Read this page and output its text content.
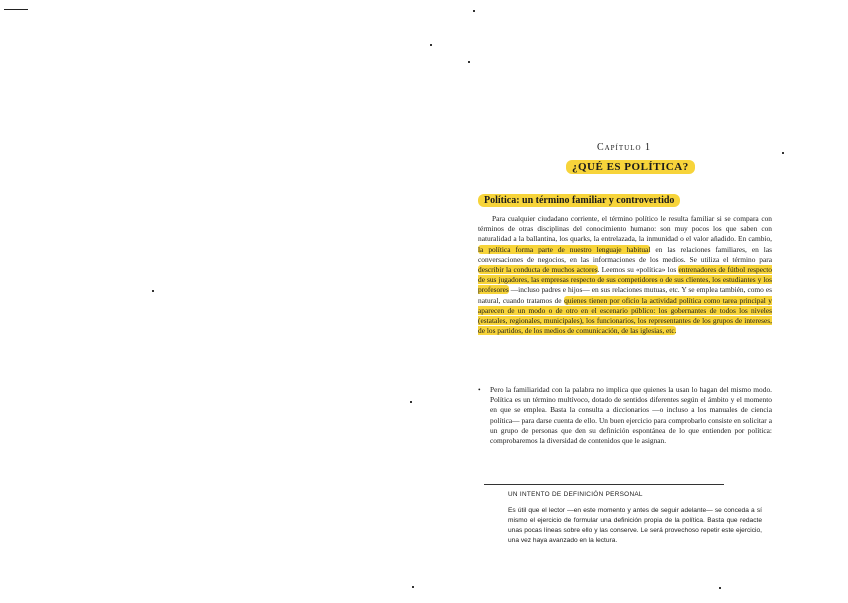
Capítulo 1
¿QUÉ ES POLÍTICA?
Política: un término familiar y controvertido
Para cualquier ciudadano corriente, el término político le resulta familiar si se compara con términos de otras disciplinas del conocimiento humano: son muy pocos los que saben con naturalidad a la ballantina, los quarks, la entrelazada, la inmunidad o el valor añadido. En cambio, la política forma parte de nuestro lenguaje habitual en las relaciones familiares, en las conversaciones de negocios, en las informaciones de los medios. Se utiliza el término para describir la conducta de muchos actores. Leemos su «política» los entrenadores de fútbol respecto de sus jugadores, las empresas respecto de sus competidores o de sus clientes, los estudiantes y los profesores —incluso padres e hijos— en sus relaciones mutuas, etc. Y se emplea también, como es natural, cuando tratamos de quienes tienen por oficio la actividad política como tarea principal y aparecen de un modo o de otro en el escenario público: los gobernantes de todos los niveles (estatales, regionales, municipales), los funcionarios, los representantes de los grupos de intereses, de los partidos, de los medios de comunicación, de las iglesias, etc.
•	Pero la familiaridad con la palabra no implica que quienes la usan lo hagan del mismo modo. Política es un término multívoco, dotado de sentidos diferentes según el ámbito y el momento en que se emplea. Basta la consulta a diccionarios —o incluso a los manuales de ciencia política— para darse cuenta de ello. Un buen ejercicio para comprobarlo consiste en solicitar a un grupo de personas que den su definición espontánea de lo que entienden por política: comprobaremos la diversidad de contenidos que le asignan.
UN INTENTO DE DEFINICIÓN PERSONAL
Es útil que el lector —en este momento y antes de seguir adelante— se conceda a sí mismo el ejercicio de formular una definición propia de la política. Basta que redacte unas pocas líneas sobre ello y las conserve. Le será provechoso repetir este ejercicio, una vez haya avanzado en la lectura.
